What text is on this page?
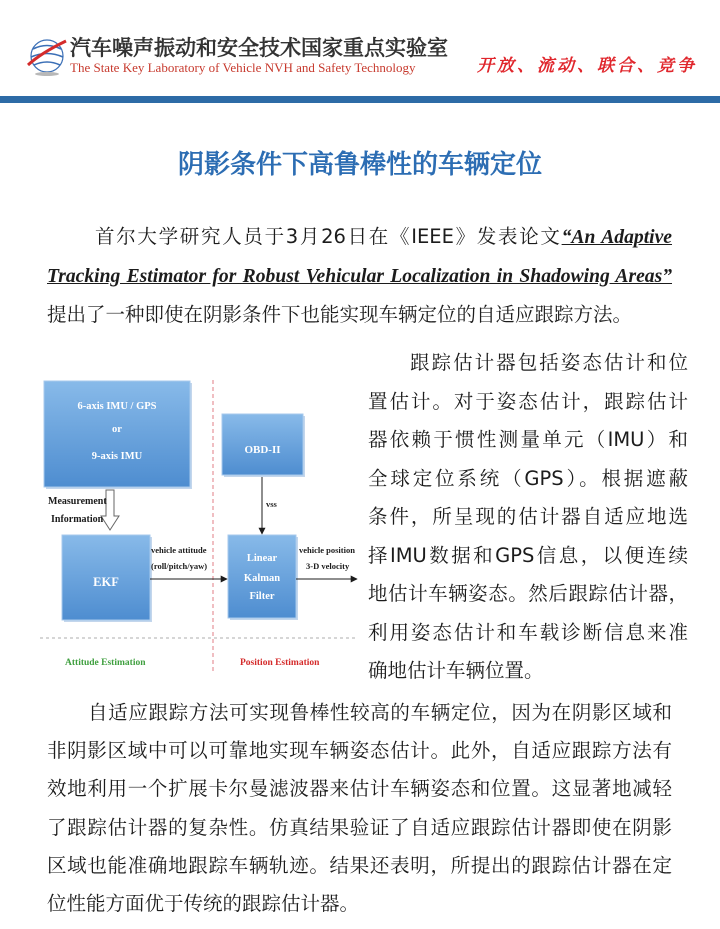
汽车噪声振动和安全技术国家重点实验室
The State Key Laboratory of Vehicle NVH and Safety Technology	开放、流动、联合、竞争
阴影条件下高鲁棒性的车辆定位
首尔大学研究人员于3月26日在《IEEE》发表论文“An Adaptive
Tracking Estimator for Robust Vehicular Localization in Shadowing Areas”
提出了一种即使在阴影条件下也能实现车辆定位的自适应跟踪方法。
6-axis IMU / GPS
or
9-axis IMU
Measurement
Information
EKF
vehicle attitude
(roll/pitch/yaw)
OBD-II
vss
Linear
Kalman
Filter
vehicle position
3-D velocity
Attitude Estimation	Position Estimation
跟踪估计器包括姿态估计和位
置估计。对于姿态估计，跟踪估计
器依赖于惯性测量单元（IMU）和
全球定位系统（GPS）。根据遮蔽
条件，所呈现的估计器自适应地选
择IMU数据和GPS信息，以便连续
地估计车辆姿态。然后跟踪估计器，
利用姿态估计和车载诊断信息来准
确地估计车辆位置。
自适应跟踪方法可实现鲁棒性较高的车辆定位，因为在阴影区域和
非阴影区域中可以可靠地实现车辆姿态估计。此外，自适应跟踪方法有
效地利用一个扩展卡尔曼滤波器来估计车辆姿态和位置。这显著地减轻
了跟踪估计器的复杂性。仿真结果验证了自适应跟踪估计器即使在阴影
区域也能准确地跟踪车辆轨迹。结果还表明，所提出的跟踪估计器在定
位性能方面优于传统的跟踪估计器。
